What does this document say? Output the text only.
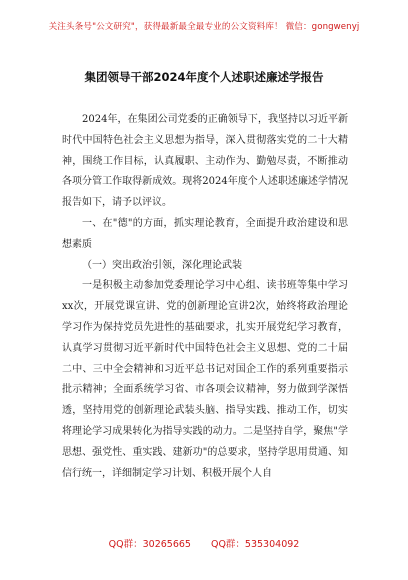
关注头条号"公文研究"，获得最新最全最专业的公文资料库！ 微信：gongwenyj
集团领导干部2024年度个人述职述廉述学报告

2024年，在集团公司党委的正确领导下，我坚持以习近平新时代中国特色社会主义思想为指导，深入贯彻落实党的二十大精神，围绕工作目标，认真履职、主动作为、勤勉尽责，不断推动各项分管工作取得新成效。现将2024年度个人述职述廉述学情况报告如下，请予以评议。

一、在"德"的方面，抓实理论教育，全面提升政治建设和思想素质

（一）突出政治引领，深化理论武装

一是积极主动参加党委理论学习中心组、读书班等集中学习xx次，开展党课宣讲、党的创新理论宣讲2次，始终将政治理论学习作为保持党员先进性的基础要求，扎实开展党纪学习教育，认真学习贯彻习近平新时代中国特色社会主义思想、党的二十届二中、三中全会精神和习近平总书记对国企工作的系列重要指示批示精神；全面系统学习省、市各项会议精神，努力做到学深悟透，坚持用党的创新理论武装头脑、指导实践、推动工作，切实将理论学习成果转化为指导实践的动力。二是坚持自学，聚焦"学思想、强党性、重实践、建新功"的总要求，坚持学思用贯通、知信行统一，详细制定学习计划、积极开展个人自

QQ群：30265665 QQ群：535304092
